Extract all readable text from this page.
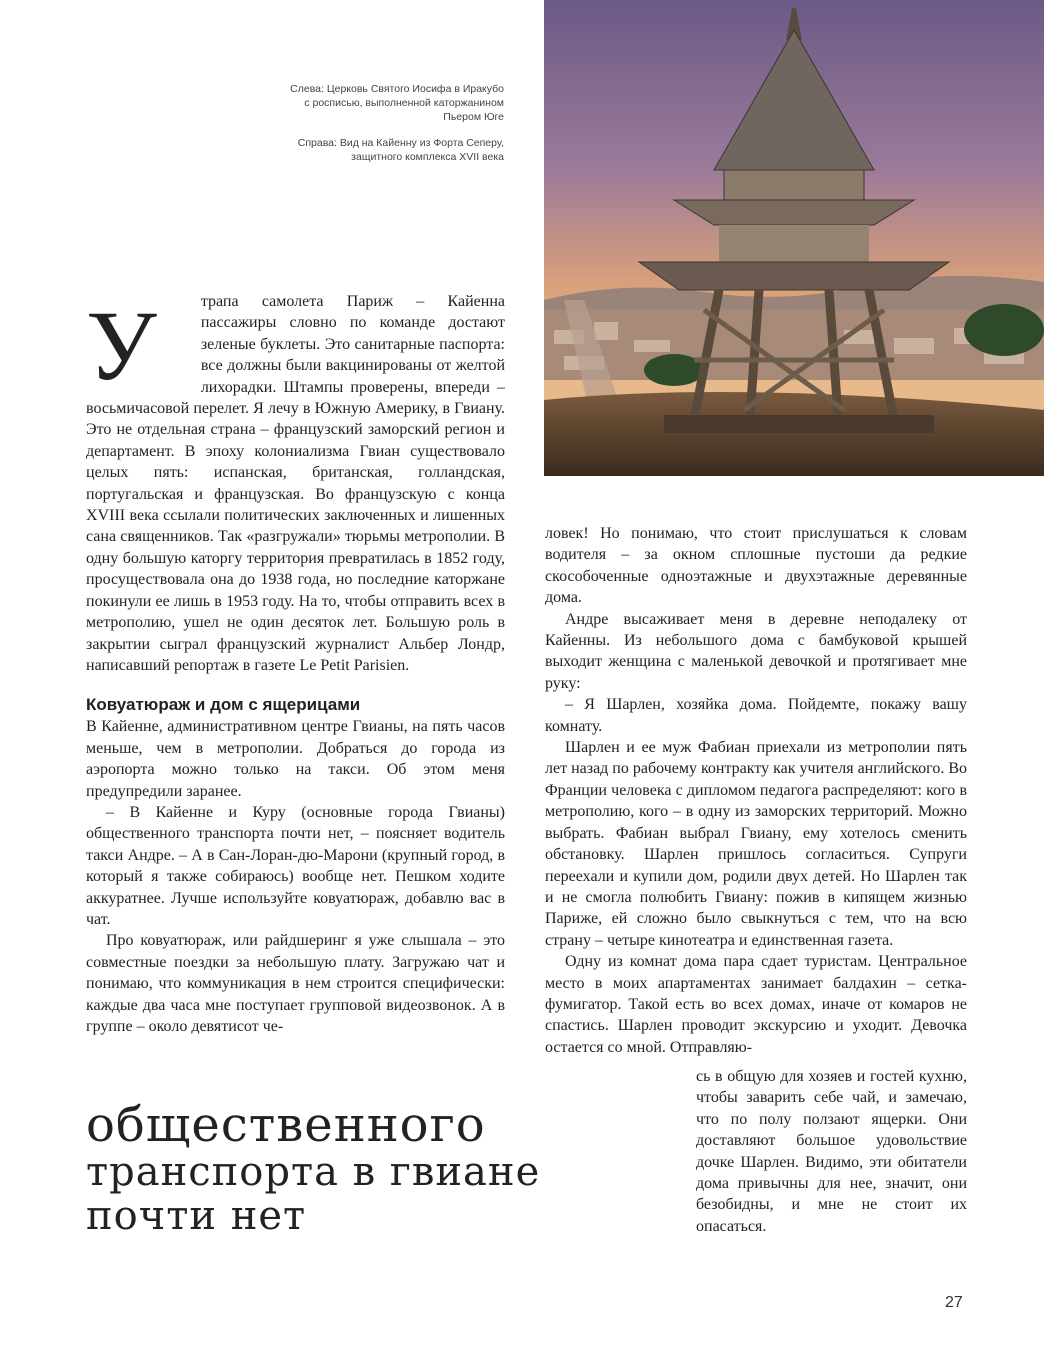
Слева: Церковь Святого Иосифа в Иракубо

с росписью, выполненной каторжанином

Пьером Юге

Справа: Вид на Кайенну из Форта Сеперу,

защитного комплекса XVII века

У	трапа самолета Париж – Кайенна пассажиры словно по команде достают зеленые буклеты. Это санитарные паспорта: все должны были вакцинированы от желтой лихорадки. Штампы проверены, впереди – восьмичасовой перелет. Я лечу в Южную Америку, в Гвиану. Это не отдельная страна – французский заморский регион и департамент. В эпоху колониализма Гвиан существовало целых пять: испанская, британская, голландская, португальская и французская. Во французскую с конца XVIII века ссылали политических заключенных и лишенных сана священников. Так «разгружали» тюрьмы метрополии. В одну большую каторгу территория превратилась в 1852 году, просуществовала она до 1938 года, но последние каторжане покинули ее лишь в 1953 году. На то, чтобы отправить всех в метрополию, ушел не один десяток лет. Большую роль в закрытии сыграл французский журналист Альбер Лондр, написавший репортаж в газете Le Petit Parisien.

Ковуатюраж и дом с ящерицами

В Кайенне, административном центре Гвианы, на пять часов меньше, чем в метрополии. Добраться до города из аэропорта можно только на такси. Об этом меня предупредили заранее.

– В Кайенне и Куру (основные города Гвианы) общественного транспорта почти нет, – поясняет водитель такси Андре. – А в Сан-Лоран-дю-Марони (крупный город, в который я также собираюсь) вообще нет. Пешком ходите аккуратнее. Лучше используйте ковуатюраж, добавлю вас в чат.

Про ковуатюраж, или райдшеринг я уже слышала – это совместные поездки за небольшую плату. Загружаю чат и понимаю, что коммуникация в нем строится специфически: каждые два часа мне поступает групповой видеозвонок. А в группе – около девятисот че-

ловек! Но понимаю, что стоит прислушаться к словам водителя – за окном сплошные пустоши да редкие скособоченные одноэтажные и двухэтажные деревянные дома.

Андре высаживает меня в деревне неподалеку от Кайенны. Из небольшого дома с бамбуковой крышей выходит женщина с маленькой девочкой и протягивает мне руку:

– Я Шарлен, хозяйка дома. Пойдемте, покажу вашу комнату.

Шарлен и ее муж Фабиан приехали из метрополии пять лет назад по рабочему контракту как учителя английского. Во Франции человека с дипломом педагога распределяют: кого в метрополию, кого – в одну из заморских территорий. Можно выбрать. Фабиан выбрал Гвиану, ему хотелось сменить обстановку. Шарлен пришлось согласиться. Супруги переехали и купили дом, родили двух детей. Но Шарлен так и не смогла полюбить Гвиану: пожив в кипящем жизнью Париже, ей сложно было свыкнуться с тем, что на всю страну – четыре кинотеатра и единственная газета.

Одну из комнат дома пара сдает туристам. Центральное место в моих апартаментах занимает балдахин – сетка-фумигатор. Такой есть во всех домах, иначе от комаров не спастись. Шарлен проводит экскурсию и уходит. Девочка остается со мной. Отправляю-

сь в общую для хозяев и гостей кухню, чтобы заварить себе чай, и замечаю, что по полу ползают ящерки. Они доставляют большое удовольствие дочке Шарлен. Видимо, эти обитатели дома привычны для нее, значит, они безобидны, и мне не стоит их опасаться.

общественного
транспорта в гвиане
почти нет
27
